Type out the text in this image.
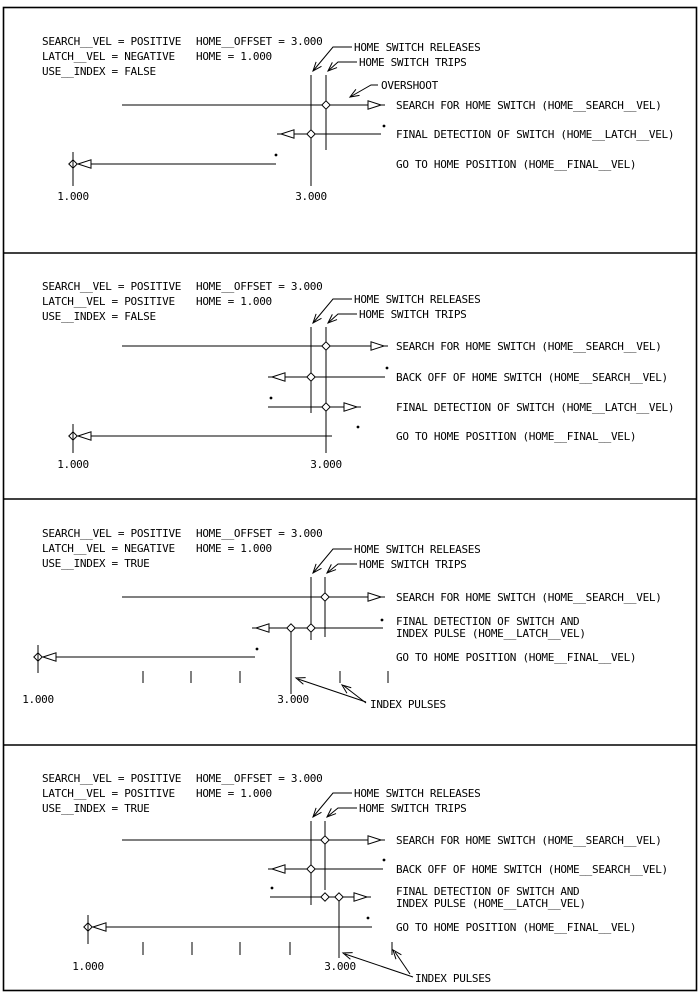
SEARCH__VEL = POSITIVE
LATCH__VEL = NEGATIVE
USE__INDEX = FALSE
HOME__OFFSET = 3.000
HOME = 1.000
HOME SWITCH RELEASES
HOME SWITCH TRIPS
OVERSHOOT
SEARCH FOR HOME SWITCH (HOME__SEARCH__VEL)
FINAL DETECTION OF SWITCH (HOME__LATCH__VEL)
GO TO HOME POSITION (HOME__FINAL__VEL)
1.000	3.000
SEARCH__VEL = POSITIVE
LATCH__VEL = POSITIVE
USE__INDEX = FALSE
HOME__OFFSET = 3.000
HOME = 1.000	HOME SWITCH RELEASES
HOME SWITCH TRIPS
SEARCH FOR HOME SWITCH (HOME__SEARCH__VEL)
BACK OFF OF HOME SWITCH (HOME__SEARCH__VEL)
FINAL DETECTION OF SWITCH (HOME__LATCH__VEL)
GO TO HOME POSITION (HOME__FINAL__VEL)
1.000	3.000
SEARCH__VEL = POSITIVE
LATCH__VEL = NEGATIVE
USE__INDEX = TRUE
HOME__OFFSET = 3.000
HOME = 1.000	HOME SWITCH RELEASES
HOME SWITCH TRIPS
SEARCH FOR HOME SWITCH (HOME__SEARCH__VEL)
FINAL DETECTION OF SWITCH AND
INDEX PULSE (HOME__LATCH__VEL)
GO TO HOME POSITION (HOME__FINAL__VEL)
INDEX PULSES
1.000	3.000
SEARCH__VEL = POSITIVE
LATCH__VEL = POSITIVE
USE__INDEX = TRUE
HOME__OFFSET = 3.000
HOME = 1.000	HOME SWITCH RELEASES
HOME SWITCH TRIPS
SEARCH FOR HOME SWITCH (HOME__SEARCH__VEL)
BACK OFF OF HOME SWITCH (HOME__SEARCH__VEL)
FINAL DETECTION OF SWITCH AND
INDEX PULSE (HOME__LATCH__VEL)
GO TO HOME POSITION (HOME__FINAL__VEL)
INDEX PULSES
1.000	3.000
